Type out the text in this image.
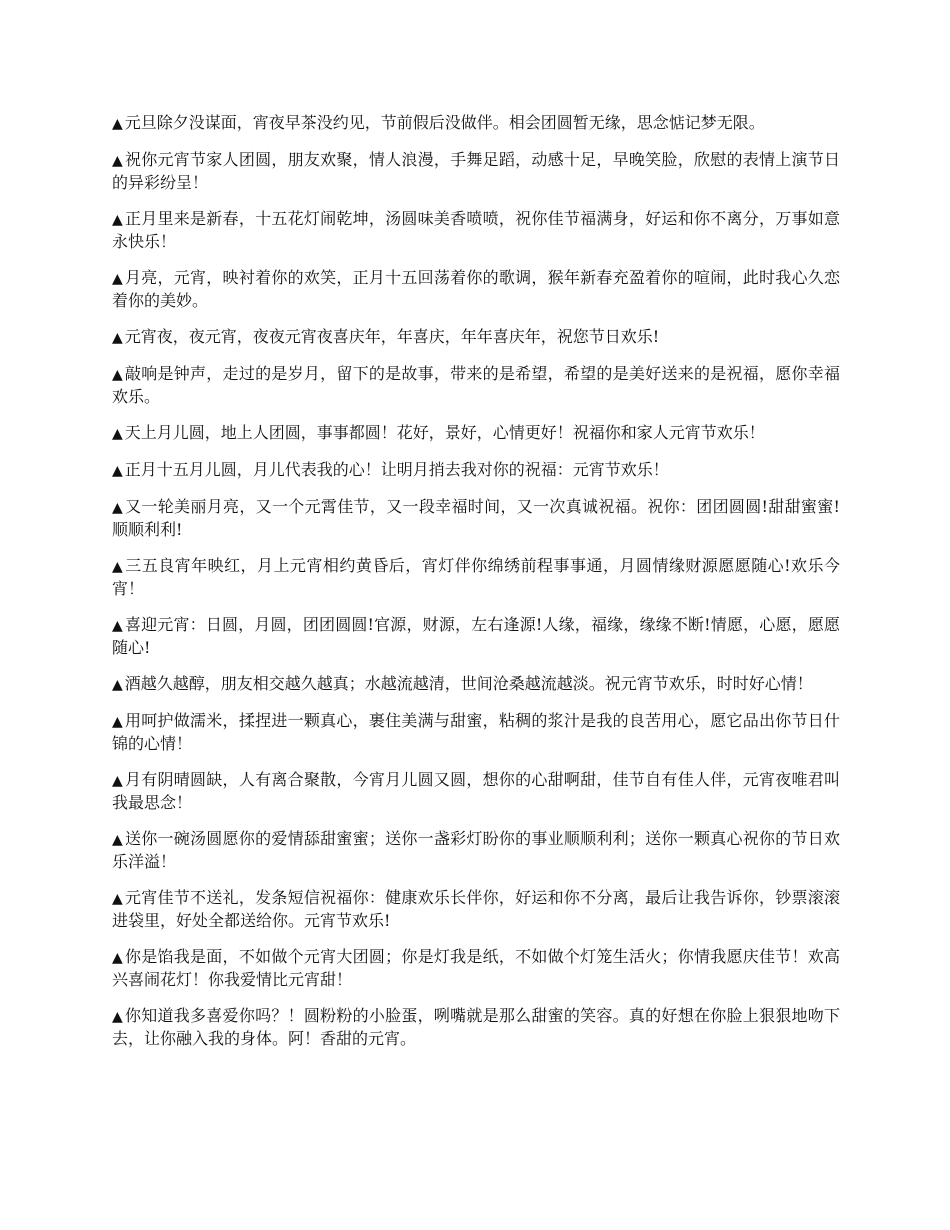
▲ 元旦除夕没谋面，宵夜早茶没约见，节前假后没做伴。相会团圆暂无缘，思念惦记梦无限。

▲ 祝你元宵节家人团圆，朋友欢聚，情人浪漫，手舞足蹈，动感十足，早晚笑脸，欣慰的表情上演节日的异彩纷呈！

▲ 正月里来是新春，十五花灯闹乾坤，汤圆味美香喷喷，祝你佳节福满身，好运和你不离分，万事如意永快乐！

▲ 月亮，元宵，映衬着你的欢笑，正月十五回荡着你的歌调，猴年新春充盈着你的喧闹，此时我心久恋着你的美妙。

▲ 元宵夜，夜元宵，夜夜元宵夜喜庆年，年喜庆，年年喜庆年，祝您节日欢乐!

▲ 敲响是钟声，走过的是岁月，留下的是故事，带来的是希望，希望的是美好送来的是祝福，愿你幸福欢乐。

▲ 天上月儿圆，地上人团圆，事事都圆！花好，景好，心情更好！祝福你和家人元宵节欢乐！

▲ 正月十五月儿圆，月儿代表我的心！让明月捎去我对你的祝福：元宵节欢乐！

▲ 又一轮美丽月亮，又一个元霄佳节，又一段幸福时间，又一次真诚祝福。祝你：团团圆圆!甜甜蜜蜜!顺顺利利!

▲ 三五良宵年映红，月上元宵相约黄昏后，宵灯伴你绵绣前程事事通，月圆情缘财源愿愿随心!欢乐今宵！

▲ 喜迎元宵：日圆，月圆，团团圆圆!官源，财源，左右逢源!人缘，福缘，缘缘不断!情愿，心愿，愿愿随心!

▲ 酒越久越醇，朋友相交越久越真；水越流越清，世间沧桑越流越淡。祝元宵节欢乐，时时好心情！

▲ 用呵护做濡米，揉捏进一颗真心，裹住美满与甜蜜，粘稠的浆汁是我的良苦用心，愿它品出你节日什锦的心情！

▲ 月有阴晴圆缺，人有离合聚散，今宵月儿圆又圆，想你的心甜啊甜，佳节自有佳人伴，元宵夜唯君叫我最思念！

▲ 送你一碗汤圆愿你的爱情舔甜蜜蜜；送你一盏彩灯盼你的事业顺顺利利；送你一颗真心祝你的节日欢乐洋溢！

▲ 元宵佳节不送礼，发条短信祝福你：健康欢乐长伴你，好运和你不分离，最后让我告诉你，钞票滚滚进袋里，好处全都送给你。元宵节欢乐!

▲ 你是馅我是面，不如做个元宵大团圆；你是灯我是纸，不如做个灯笼生活火；你情我愿庆佳节！欢高兴喜闹花灯！你我爱情比元宵甜！

▲ 你知道我多喜爱你吗？！圆粉粉的小脸蛋，咧嘴就是那么甜蜜的笑容。真的好想在你脸上狠狠地吻下去，让你融入我的身体。阿！香甜的元宵。
